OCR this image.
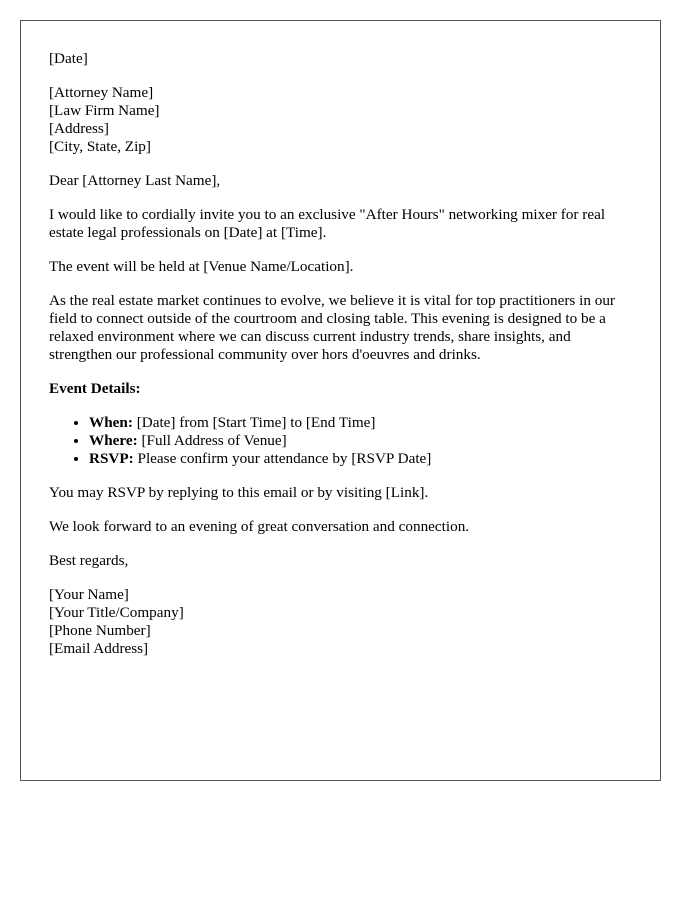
[Date]

[Attorney Name]
[Law Firm Name]
[Address]
[City, State, Zip]

Dear [Attorney Last Name],

I would like to cordially invite you to an exclusive "After Hours" networking mixer for real estate legal professionals on [Date] at [Time].

The event will be held at [Venue Name/Location].

As the real estate market continues to evolve, we believe it is vital for top practitioners in our field to connect outside of the courtroom and closing table. This evening is designed to be a relaxed environment where we can discuss current industry trends, share insights, and strengthen our professional community over hors d'oeuvres and drinks.

Event Details:
• When: [Date] from [Start Time] to [End Time]
• Where: [Full Address of Venue]
• RSVP: Please confirm your attendance by [RSVP Date]

You may RSVP by replying to this email or by visiting [Link].

We look forward to an evening of great conversation and connection.

Best regards,

[Your Name]
[Your Title/Company]
[Phone Number]
[Email Address]
